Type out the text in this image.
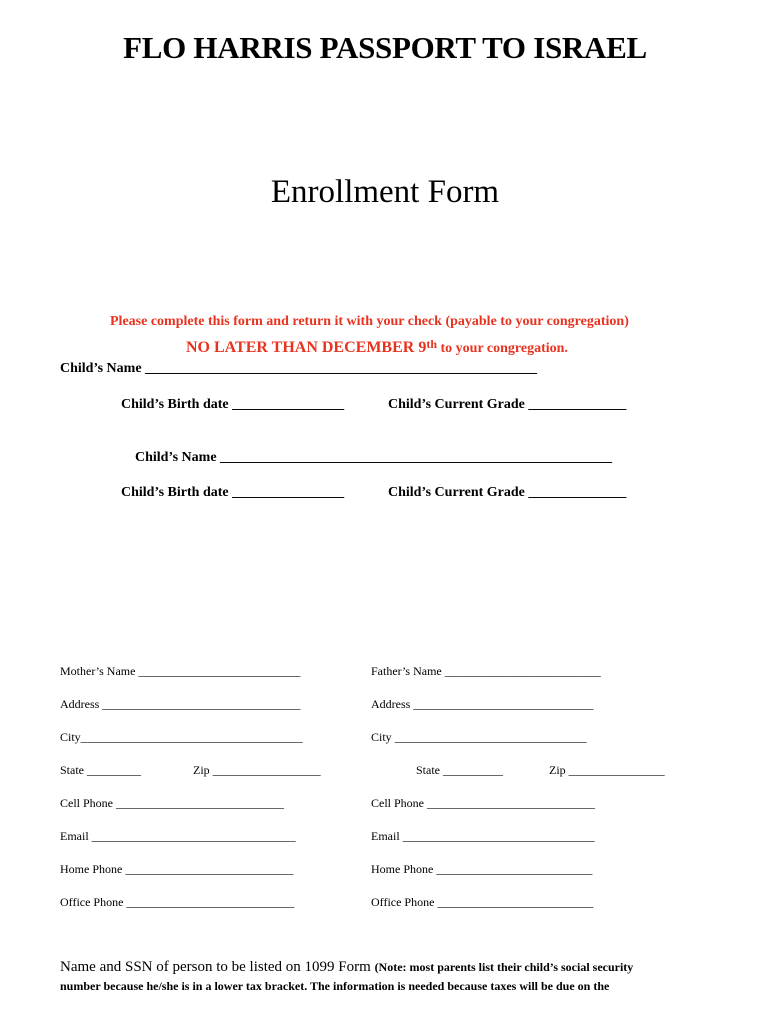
FLO HARRIS PASSPORT TO ISRAEL
Enrollment Form
Please complete this form and return it with your check (payable to your congregation)
NO LATER THAN DECEMBER 9th to your congregation.
Child’s Name ________________________________________________________
Child’s Birth date ________________	Child’s Current Grade ______________
Child’s Name ________________________________________________________
Child’s Birth date ________________	Child’s Current Grade ______________
Mother’s Name ___________________________
Address _________________________________
City_____________________________________
State _________	Zip __________________
Cell Phone ____________________________
Email __________________________________
Home Phone ____________________________
Office Phone ____________________________
Father’s Name __________________________
Address ______________________________
City ________________________________
State __________	Zip ________________
Cell Phone ____________________________
Email ________________________________
Home Phone __________________________
Office Phone __________________________
Name and SSN of person to be listed on 1099 Form (Note: most parents list their child’s social security
number because he/she is in a lower tax bracket. The information is needed because taxes will be due on the
